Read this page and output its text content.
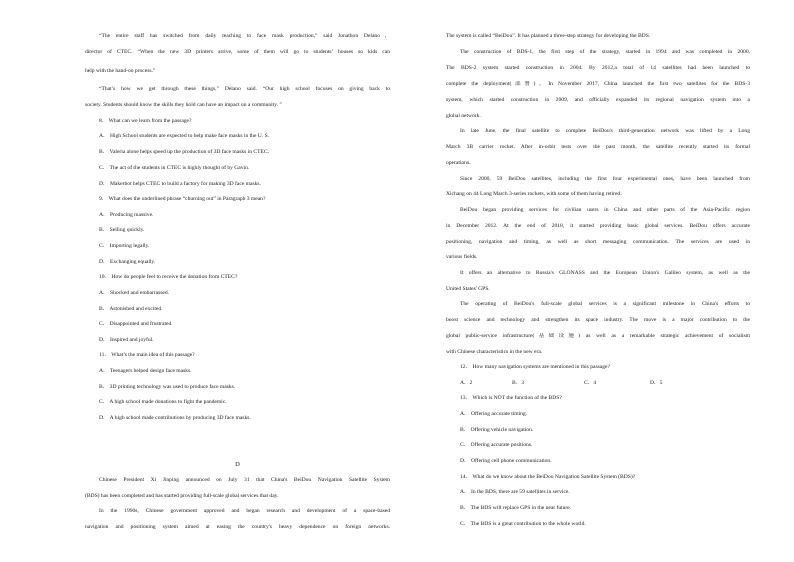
“The entire staff has switched from daily teaching to face mask production,” said Jonathon Delano，
director of CTEC. “When the new 3D printers arrive, some of them will go to students’ houses so kids can
help with the hand-on process.”
“That’s how we get through these things,” Delano said. “Our high school focuses on giving back to
society. Students should know the skills they hold can have an impact on a community. ”
8． What can we learn from the passage?
A． High School students are expected to help make face masks in the U. S.
B． Valeria alone helps speed up the production of 3D face masks in CTEC．
C． The act of the students in CTEC is highly thought of by Gavin.
D． Makerbot helps CTEC to build a factory for making 3D face masks.
9． What does the underlined phrase “churning out” in Paragraph 3 mean?
A． Producing massive.
B． Selling quickly.
C． Importing legally.
D． Exchanging equally.
10． How do people feel to receive the donation from CTEC?
A． Shocked and embarrassed.
B． Astonished and excited.
C． Disappointed and frustrated.
D． Inspired and joyful.
11． What’s the main idea of this passage?
A． Teenagers helped design face masks.
B． 3D printing technology was used to produce face masks.
C． A high school made donations to fight the pandemic.
D． A high school made contributions by producing 3D face masks.
D
Chinese President Xi Jinping announced on July 31 that China's BeiDou Navigation Satellite System
(BDS) has been completed and has started providing full-scale global services that day.
In the 1990s, Chinese government approved and began research and development of a space-based
navigation and positioning system aimed at easing the country's heavy dependence on foreign networks.
The system is called “BeiDou”. It has planned a three-step strategy for developing the BDS.
The construction of BDS-1, the first step of the strategy, started in 1994 and was completed in 2000.
The BDS-2 system started construction in 2004. By 2012,a total of 14 satellites had been launched to
complete the deployment(部署)。In November 2017, China launched the first two satellites for the BDS-3
system, which started construction in 2009, and officially expanded its regional navigation system into a
global network.
In late June, the final satellite to complete BeiDou's third-generation network was lifted by a Long
March 3B carrier rocket. After in-orbit tests over the past month, the satellite recently started its formal
operations.
Since 2000, 59 BeiDou satellites, including the first four experimental ones, have been launched from
Xichang on 44 Long March 3-series rockets, with some of them having retired.
BeiDou began providing services for civilian users in China and other parts of the Asia-Pacific region
in December 2012. At the end of 2018, it started providing basic global services. BeiDou offers accurate
positioning, navigation and timing, as well as short messaging communication. The services are used in
various fields.
It offers an alternative to Russia's GLONASS and the European Union's Galileo system, as well as the
United States' GPS.
The operating of BeiDou's full-scale global services is a significant milestone in China's efforts to
boost science and technology and strengthen its space industry. The move is a major contribution to the
global public-service infrastructure(基础设施) as well as a remarkable strategic achievement of socialism
with Chinese characteristics in the new era.
12． How many navigation systems are mentioned in this passage?
A．2	B．3	C．4	D．5
13． Which is NOT the function of the BDS?
A． Offering accurate timing.
B． Offering vehicle navigation.
C． Offering accurate positions.
D． Offering cell phone communication.
14． What do we know about the BeiDou Navigation Satellite System (BDS)?
A． In the BDS, there are 59 satellites in service.
B． The BDS will replace GPS in the near future.
C． The BDS is a great contribution to the whole world.
